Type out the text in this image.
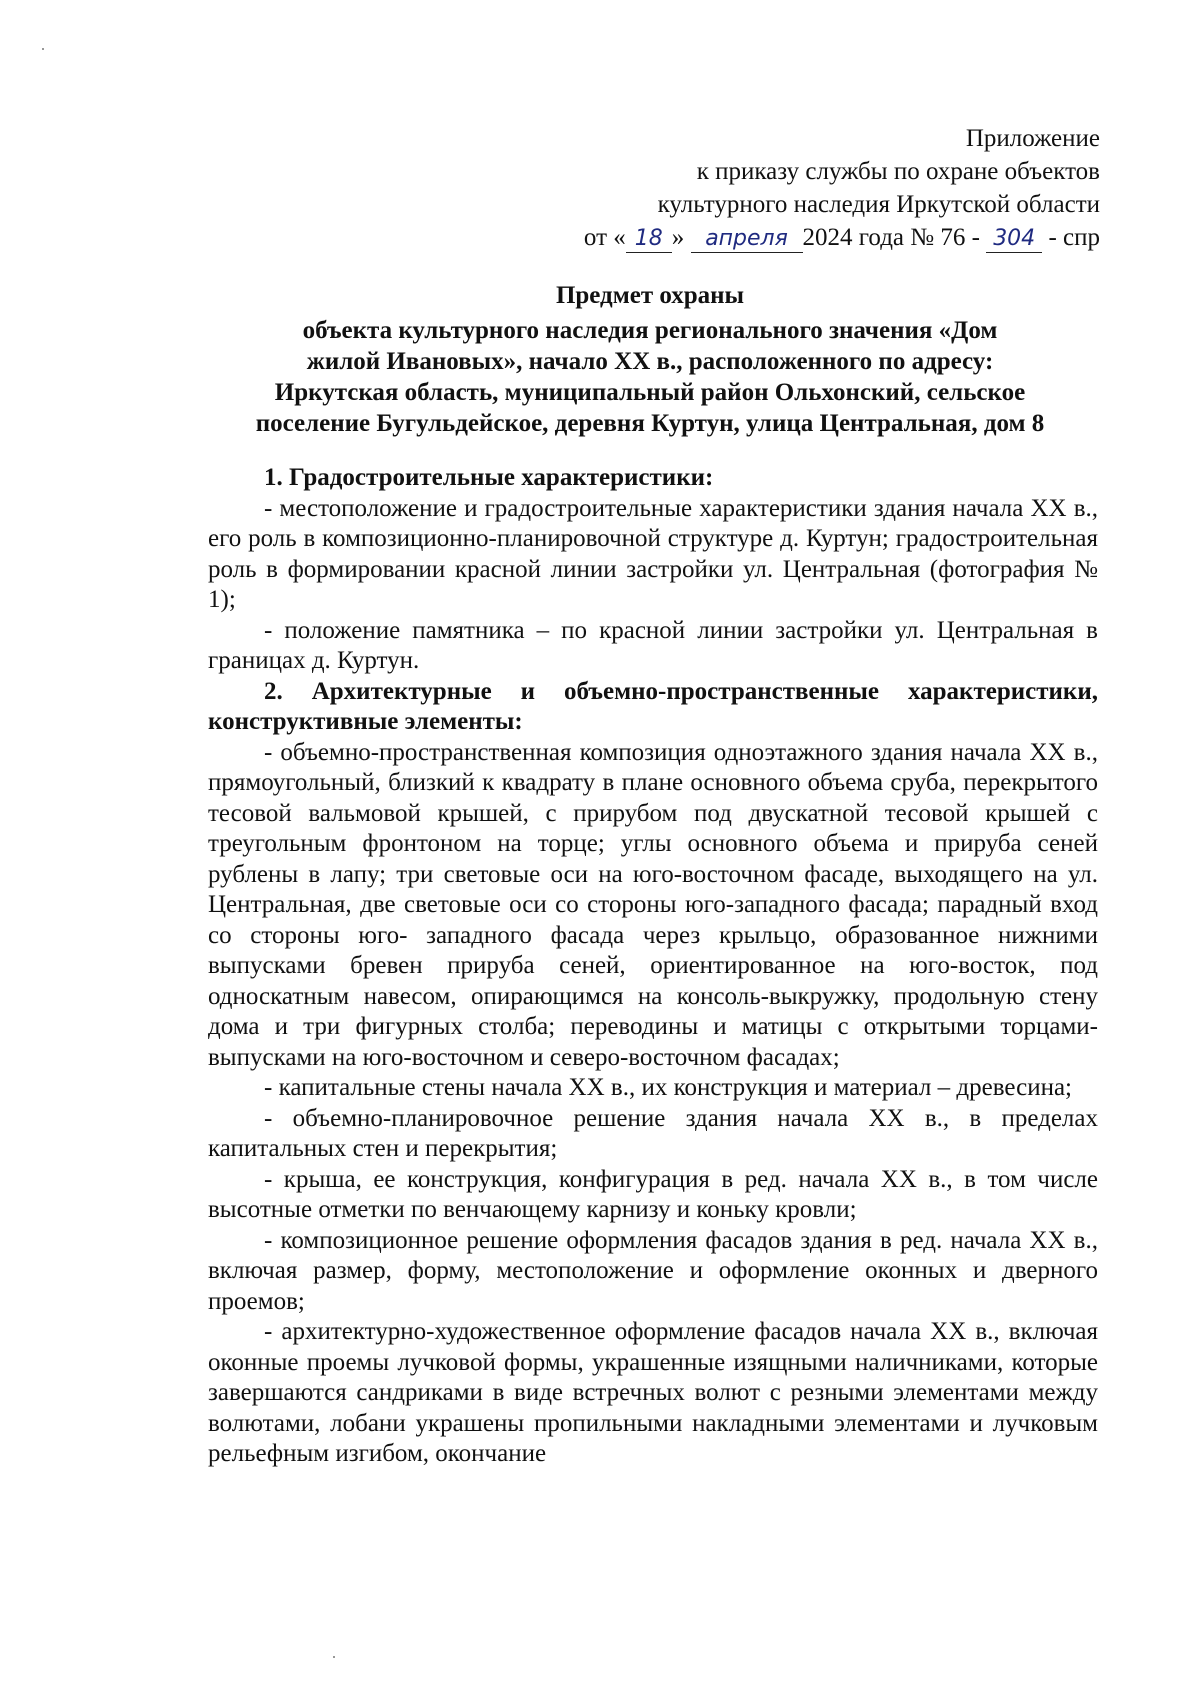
Приложение
к приказу службы по охране объектов
культурного наследия Иркутской области
от « 18 » апреля 2024 года № 76 - 304 - спр
Предмет охраны
объекта культурного наследия регионального значения «Дом
жилой Ивановых», начало XX в., расположенного по адресу:
Иркутская область, муниципальный район Ольхонский, сельское
поселение Бугульдейское, деревня Куртун, улица Центральная, дом 8

1. Градостроительные характеристики:

- местоположение и градостроительные характеристики здания начала XX в., его роль в композиционно-планировочной структуре д. Куртун; градостроительная роль в формировании красной линии застройки ул. Центральная (фотография № 1);

- положение памятника – по красной линии застройки ул. Центральная в границах д. Куртун.

2. Архитектурные и объемно-пространственные характеристики, конструктивные элементы:

- объемно-пространственная композиция одноэтажного здания начала XX в., прямоугольный, близкий к квадрату в плане основного объема сруба, перекрытого тесовой вальмовой крышей, с прирубом под двускатной тесовой крышей с треугольным фронтоном на торце; углы основного объема и прируба сеней рублены в лапу; три световые оси на юго-восточном фасаде, выходящего на ул. Центральная, две световые оси со стороны юго-западного фасада; парадный вход со стороны юго- западного фасада через крыльцо, образованное нижними выпусками бревен прируба сеней, ориентированное на юго-восток, под односкатным навесом, опирающимся на консоль-выкружку, продольную стену дома и три фигурных столба; переводины и матицы с открытыми торцами-выпусками на юго-восточном и северо-восточном фасадах;

- капитальные стены начала XX в., их конструкция и материал – древесина;

- объемно-планировочное решение здания начала XX в., в пределах капитальных стен и перекрытия;

- крыша, ее конструкция, конфигурация в ред. начала XX в., в том числе высотные отметки по венчающему карнизу и коньку кровли;

- композиционное решение оформления фасадов здания в ред. начала XX в., включая размер, форму, местоположение и оформление оконных и дверного проемов;

- архитектурно-художественное оформление фасадов начала XX в., включая оконные проемы лучковой формы, украшенные изящными наличниками, которые завершаются сандриками в виде встречных волют с резными элементами между волютами, лобани украшены пропильными накладными элементами и лучковым рельефным изгибом, окончание
